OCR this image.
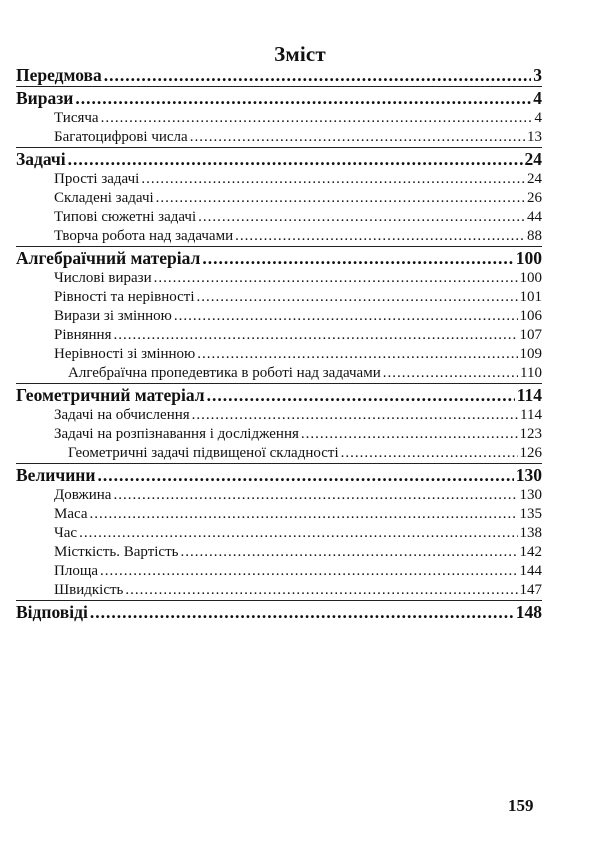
Зміст
Передмова .....	3
Вирази .....	4
Тисяча .....	4
Багатоцифрові числа .....	13
Задачі .....	24
Прості задачі .....	24
Складені задачі .....	26
Типові сюжетні задачі .....	44
Творча робота над задачами .....	88
Алгебраїчний матеріал .....	100
Числові вирази .....	100
Рівності та нерівності .....	101
Вирази зі змінною .....	106
Рівняння .....	107
Нерівності зі змінною .....	109
Алгебраїчна пропедевтика в роботі над задачами .....	110
Геометричний матеріал .....	114
Задачі на обчислення .....	114
Задачі на розпізнавання і дослідження .....	123
Геометричні задачі підвищеної складності .....	126
Величини .....	130
Довжина .....	130
Маса .....	135
Час .....	138
Місткість. Вартість .....	142
Площа .....	144
Швидкість .....	147
Відповіді .....	148
159
